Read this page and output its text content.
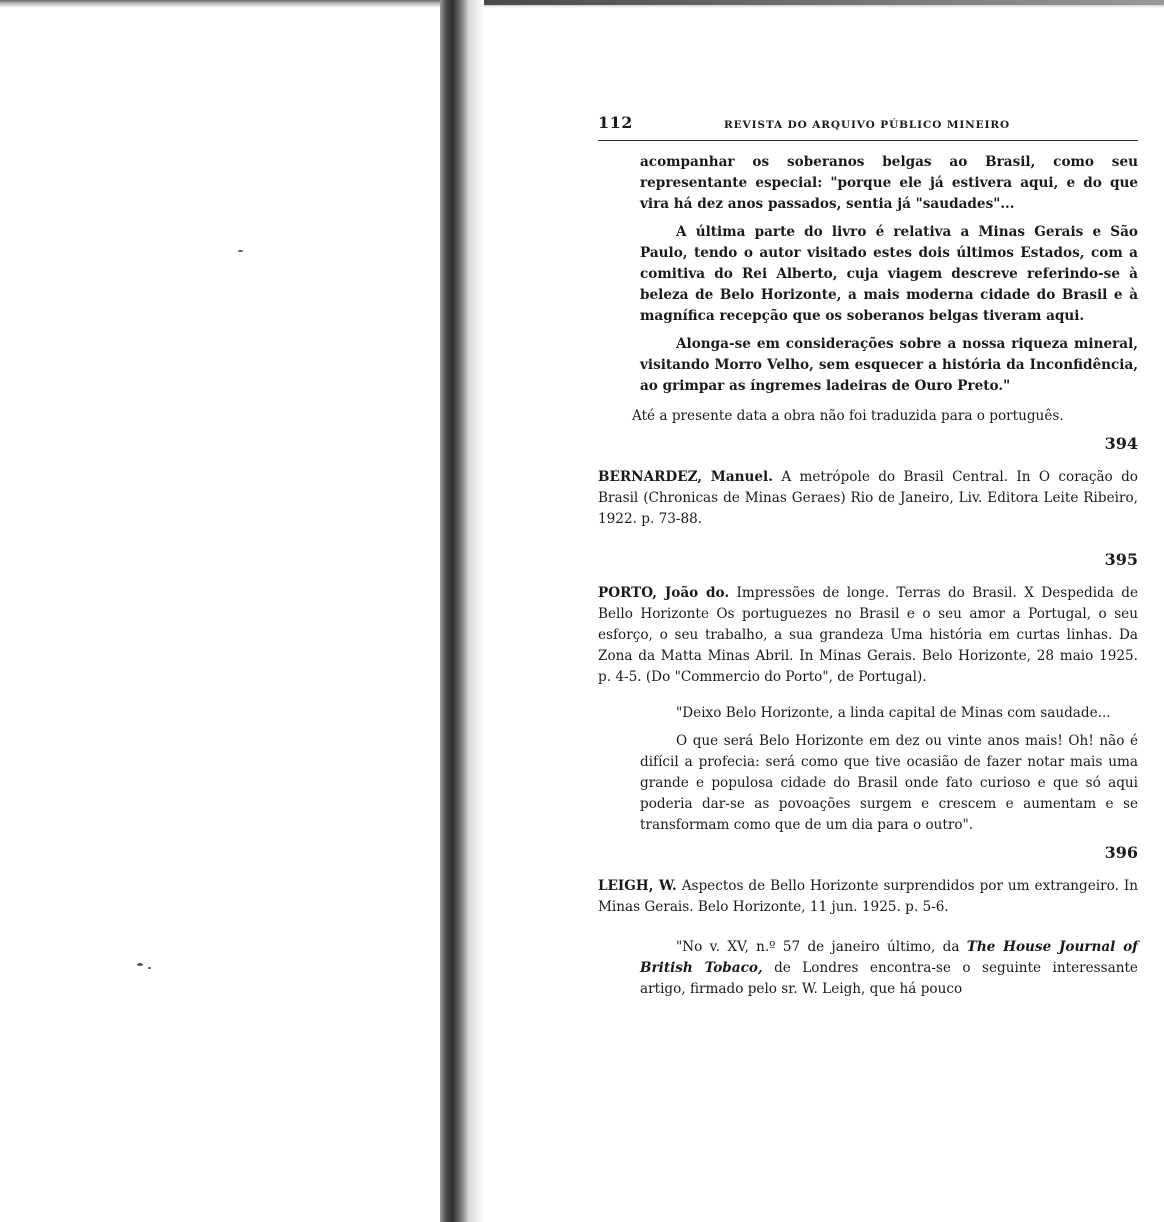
112	REVISTA DO ARQUIVO PÚBLICO MINEIRO

acompanhar os soberanos belgas ao Brasil, como seu representante especial: "porque ele já estivera aqui, e do que vira há dez anos passados, sentia já "saudades"...

A última parte do livro é relativa a Minas Gerais e São Paulo, tendo o autor visitado estes dois últimos Estados, com a comitiva do Rei Alberto, cuja viagem descreve referindo-se à beleza de Belo Horizonte, a mais moderna cidade do Brasil e à magnífica recepção que os soberanos belgas tiveram aqui.

Alonga-se em considerações sobre a nossa riqueza mineral, visitando Morro Velho, sem esquecer a história da Inconfidência, ao grimpar as íngremes ladeiras de Ouro Preto."

Até a presente data a obra não foi traduzida para o português.

394

BERNARDEZ, Manuel. A metrópole do Brasil Central. In O coração do Brasil (Chronicas de Minas Geraes) Rio de Janeiro, Liv. Editora Leite Ribeiro, 1922. p. 73-88.

395

PORTO, João do. Impressões de longe. Terras do Brasil. X Despedida de Bello Horizonte Os portuguezes no Brasil e o seu amor a Portugal, o seu esforço, o seu trabalho, a sua grandeza Uma história em curtas linhas. Da Zona da Matta Minas Abril. In Minas Gerais. Belo Horizonte, 28 maio 1925. p. 4-5. (Do "Commercio do Porto", de Portugal).

"Deixo Belo Horizonte, a linda capital de Minas com saudade...

O que será Belo Horizonte em dez ou vinte anos mais! Oh! não é difícil a profecia: será como que tive ocasião de fazer notar mais uma grande e populosa cidade do Brasil onde fato curioso e que só aqui poderia dar-se as povoações surgem e crescem e aumentam e se transformam como que de um dia para o outro".

396

LEIGH, W. Aspectos de Bello Horizonte surprendidos por um extrangeiro. In Minas Gerais. Belo Horizonte, 11 jun. 1925. p. 5-6.

"No v. XV, n.º 57 de janeiro último, da The House Journal of British Tobaco, de Londres encontra-se o seguinte interessante artigo, firmado pelo sr. W. Leigh, que há pouco
